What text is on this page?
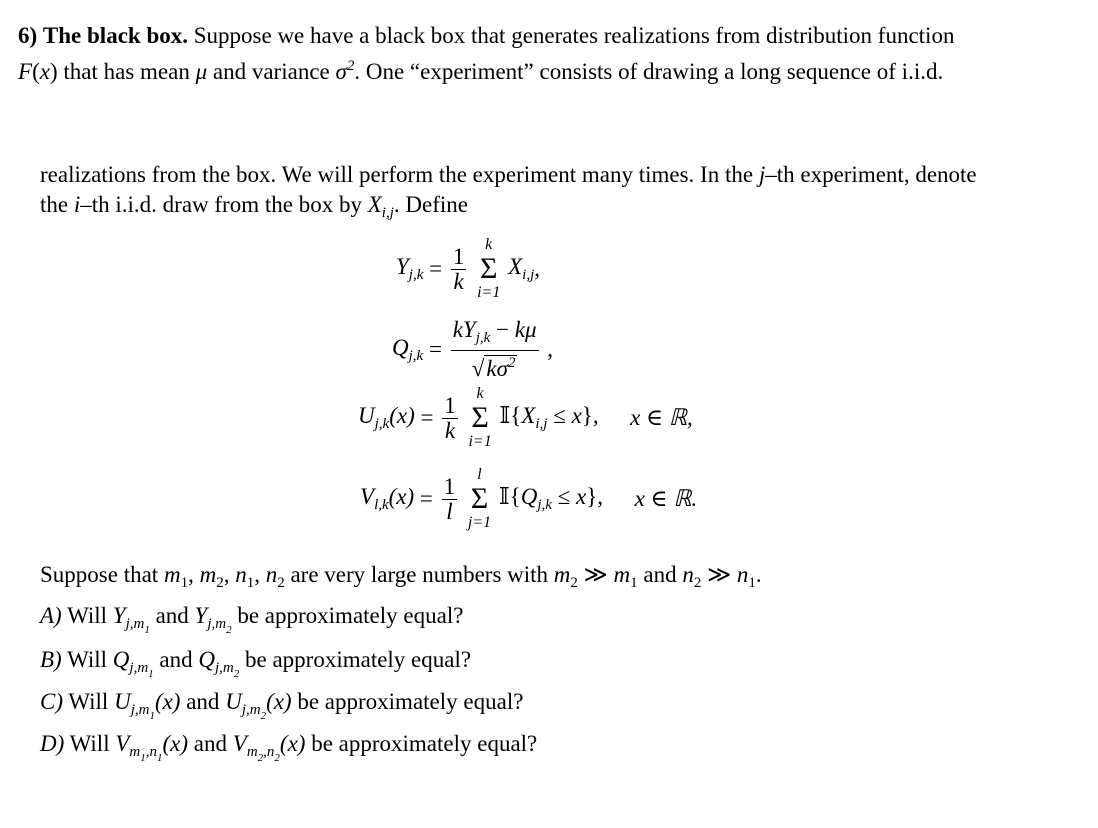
6) The black box. Suppose we have a black box that generates realizations from distribution function
F(x) that has mean μ and variance $\sigma^2$. One “experiment” consists of drawing a long sequence of i.i.d.
realizations from the box. We will perform the experiment many times. In the j–th experiment, denote
the i–th i.i.d. draw from the box by $X_{i,j}$. Define
$Y_{j,k} = \frac{1}{k}$
	k
Σ
i=1
$X_{i,j}$,
$Q_{j,k} = \frac{kY_{j,k} - k\mu}{√k\sigma^2}$ ,
$U_{j,k}(x) = \frac{1}{k}$
	k
Σ
i=1
$𝕀\{X_{i,j} \le x\}$, x ∈ ℝ,
$V_{l,k}(x) = \frac{1}{l}$
	l
Σ
j=1
$𝕀\{Q_{j,k} \le x\}$, x ∈ ℝ.
Suppose that $m_1$, $m_2$, $n_1$, $n_2$ are very large numbers with $m_2$ ≫ $m_1$ and $n_2$ ≫ $n_1$.
A) Will $Y_{j,m_1}$ and $Y_{j,m_2}$ be approximately equal?
B) Will $Q_{j,m_1}$ and $Q_{j,m_2}$ be approximately equal?
C) Will $U_{j,m_1}(x)$ and $U_{j,m_2}(x)$ be approximately equal?
D) Will $V_{m_1,n_1}(x)$ and $V_{m_2,n_2}(x)$ be approximately equal?
